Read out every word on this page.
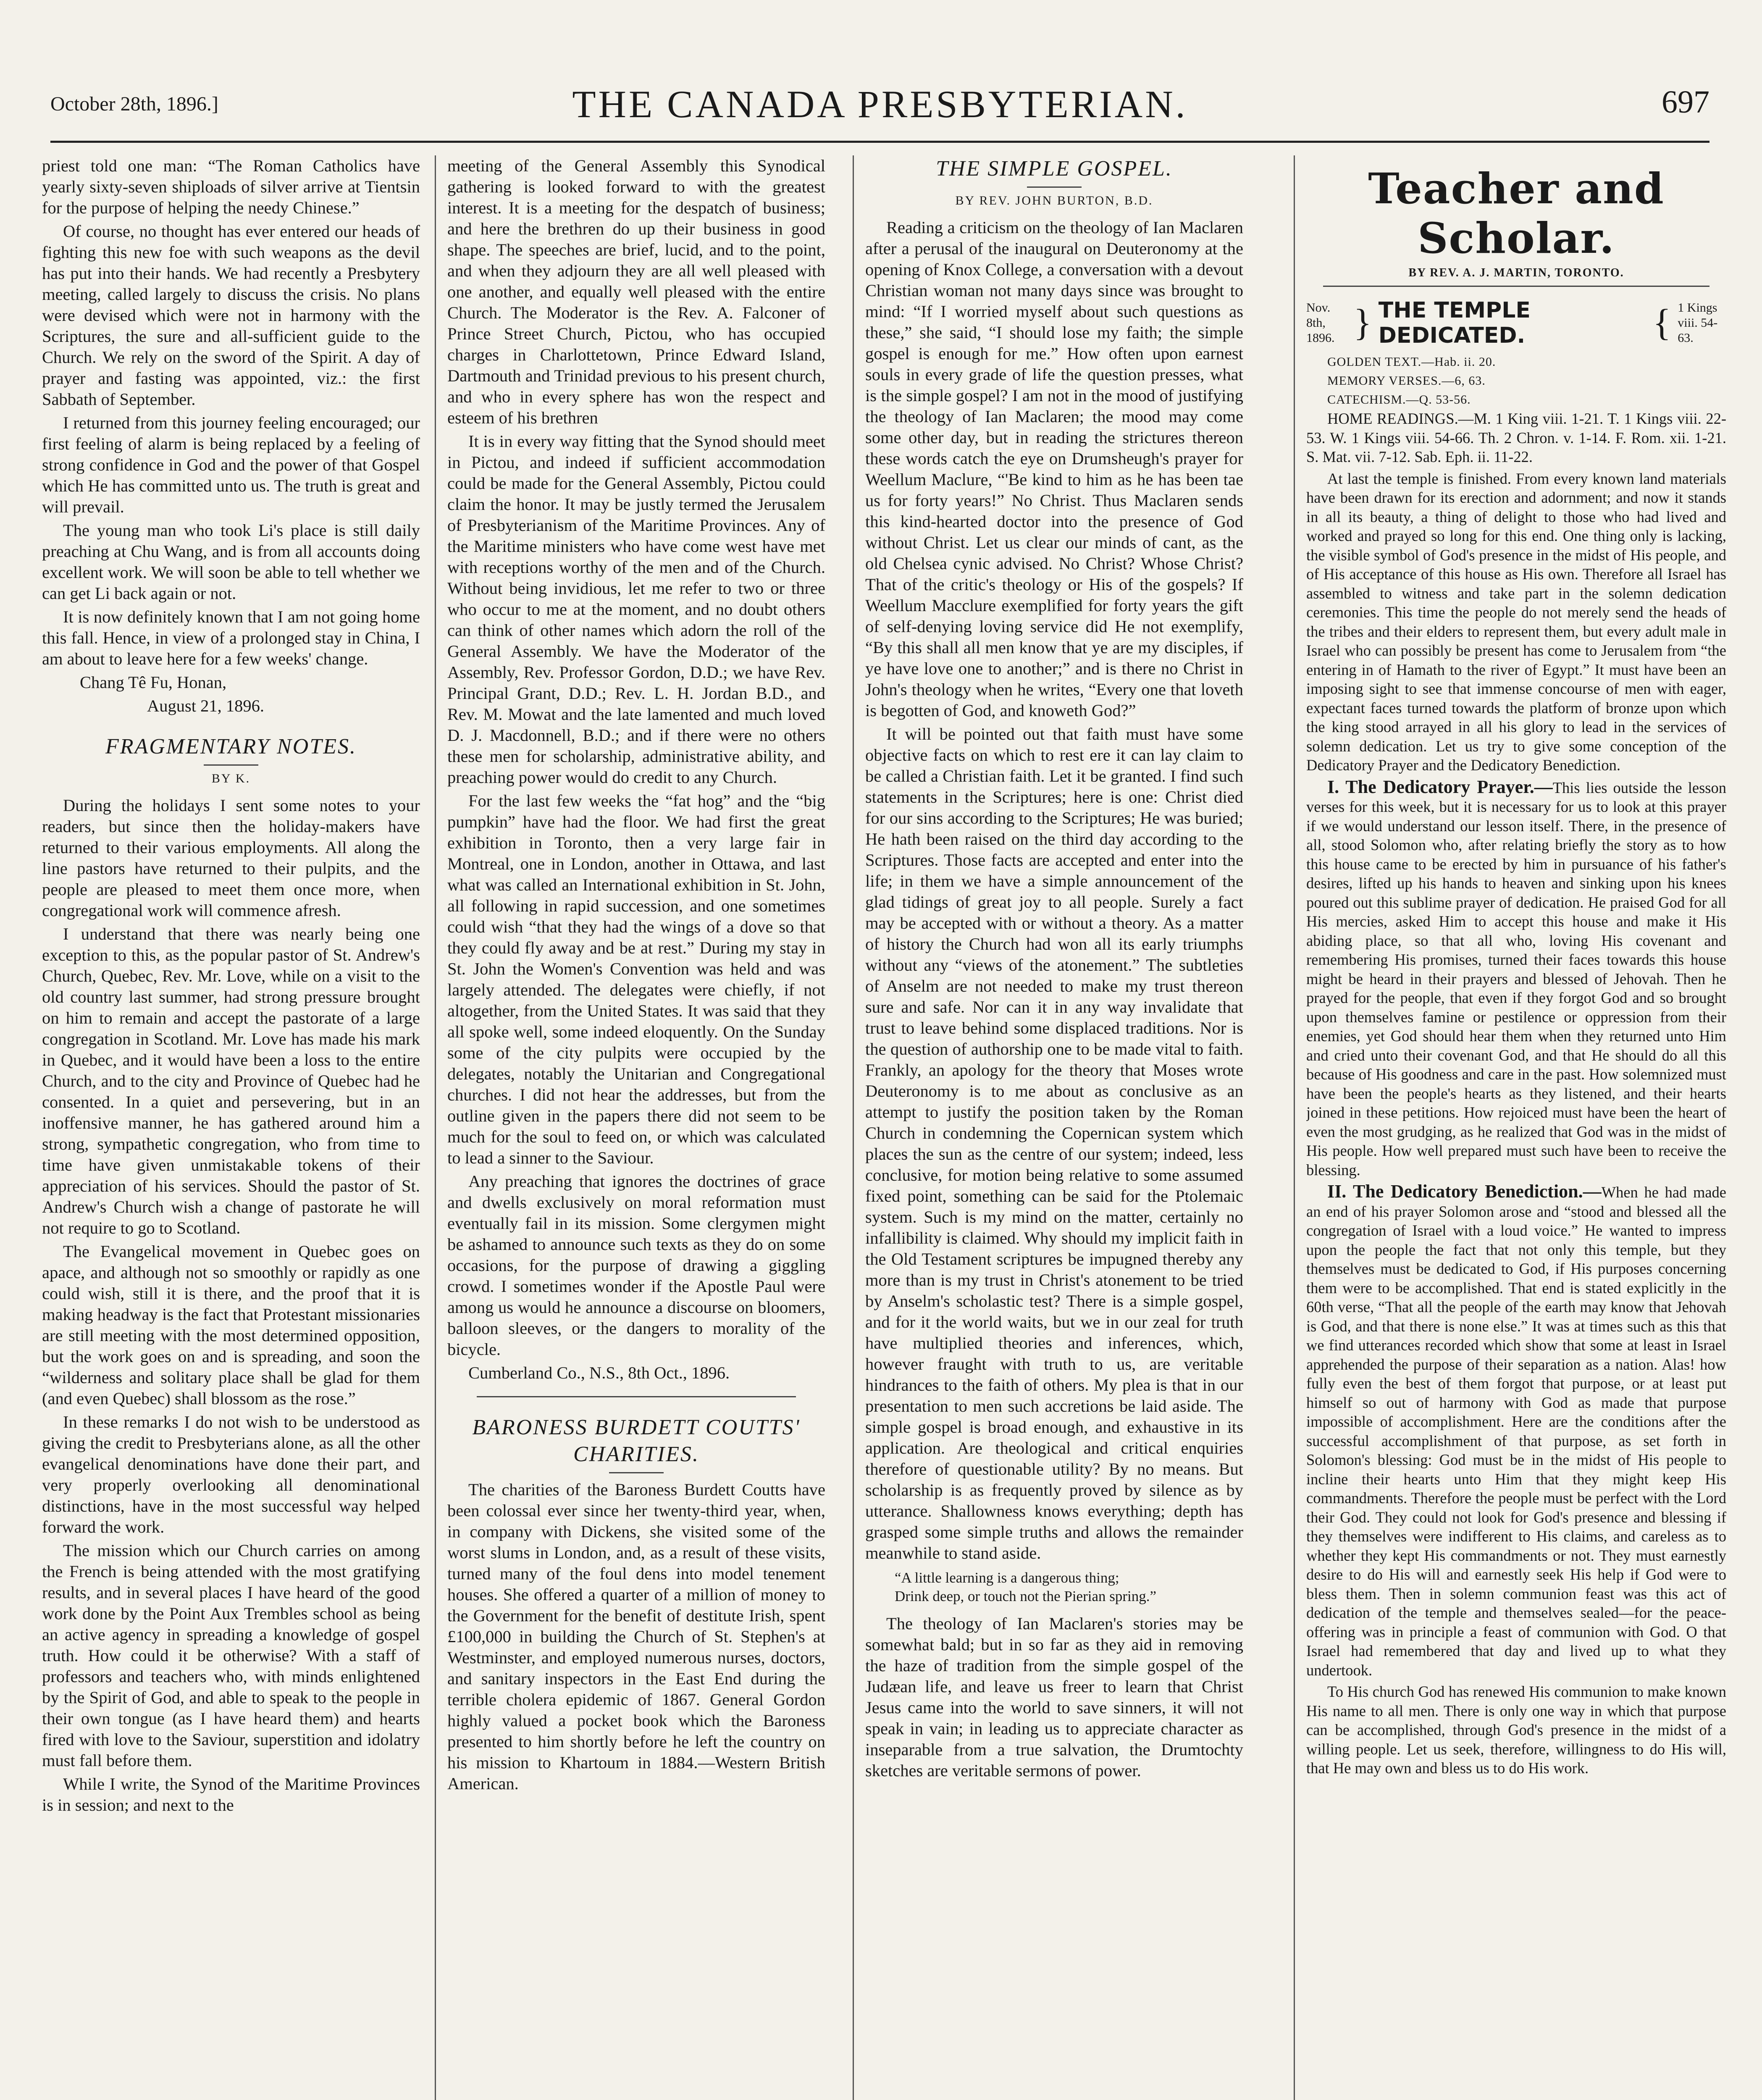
October 28th, 1896.]	THE CANADA PRESBYTERIAN.	697

priest told one man: “The Roman Catholics have yearly sixty-seven shiploads of silver arrive at Tientsin for the purpose of helping the needy Chinese.”

Of course, no thought has ever entered our heads of fighting this new foe with such weapons as the devil has put into their hands. We had recently a Presbytery meeting, called largely to discuss the crisis. No plans were devised which were not in harmony with the Scriptures, the sure and all-sufficient guide to the Church. We rely on the sword of the Spirit. A day of prayer and fasting was appointed, viz.: the first Sabbath of September.

I returned from this journey feeling encouraged; our first feeling of alarm is being replaced by a feeling of strong confidence in God and the power of that Gospel which He has committed unto us. The truth is great and will prevail.

The young man who took Li's place is still daily preaching at Chu Wang, and is from all accounts doing excellent work. We will soon be able to tell whether we can get Li back again or not.

It is now definitely known that I am not going home this fall. Hence, in view of a prolonged stay in China, I am about to leave here for a few weeks' change.

Chang Tê Fu, Honan,

August 21, 1896.

FRAGMENTARY NOTES.
BY K.

During the holidays I sent some notes to your readers, but since then the holiday-makers have returned to their various employments. All along the line pastors have returned to their pulpits, and the people are pleased to meet them once more, when congregational work will commence afresh.

I understand that there was nearly being one exception to this, as the popular pastor of St. Andrew's Church, Quebec, Rev. Mr. Love, while on a visit to the old country last summer, had strong pressure brought on him to remain and accept the pastorate of a large congregation in Scotland. Mr. Love has made his mark in Quebec, and it would have been a loss to the entire Church, and to the city and Province of Quebec had he consented. In a quiet and persevering, but in an inoffensive manner, he has gathered around him a strong, sympathetic congregation, who from time to time have given unmistakable tokens of their appreciation of his services. Should the pastor of St. Andrew's Church wish a change of pastorate he will not require to go to Scotland.

The Evangelical movement in Quebec goes on apace, and although not so smoothly or rapidly as one could wish, still it is there, and the proof that it is making headway is the fact that Protestant missionaries are still meeting with the most determined opposition, but the work goes on and is spreading, and soon the “wilderness and solitary place shall be glad for them (and even Quebec) shall blossom as the rose.”

In these remarks I do not wish to be understood as giving the credit to Presbyterians alone, as all the other evangelical denominations have done their part, and very properly overlooking all denominational distinctions, have in the most successful way helped forward the work.

The mission which our Church carries on among the French is being attended with the most gratifying results, and in several places I have heard of the good work done by the Point Aux Trembles school as being an active agency in spreading a knowledge of gospel truth. How could it be otherwise? With a staff of professors and teachers who, with minds enlightened by the Spirit of God, and able to speak to the people in their own tongue (as I have heard them) and hearts fired with love to the Saviour, superstition and idolatry must fall before them.

While I write, the Synod of the Maritime Provinces is in session; and next to the

meeting of the General Assembly this Synodical gathering is looked forward to with the greatest interest. It is a meeting for the despatch of business; and here the brethren do up their business in good shape. The speeches are brief, lucid, and to the point, and when they adjourn they are all well pleased with one another, and equally well pleased with the entire Church. The Moderator is the Rev. A. Falconer of Prince Street Church, Pictou, who has occupied charges in Charlottetown, Prince Edward Island, Dartmouth and Trinidad previous to his present church, and who in every sphere has won the respect and esteem of his brethren

It is in every way fitting that the Synod should meet in Pictou, and indeed if sufficient accommodation could be made for the General Assembly, Pictou could claim the honor. It may be justly termed the Jerusalem of Presbyterianism of the Maritime Provinces. Any of the Maritime ministers who have come west have met with receptions worthy of the men and of the Church. Without being invidious, let me refer to two or three who occur to me at the moment, and no doubt others can think of other names which adorn the roll of the General Assembly. We have the Moderator of the Assembly, Rev. Professor Gordon, D.D.; we have Rev. Principal Grant, D.D.; Rev. L. H. Jordan B.D., and Rev. M. Mowat and the late lamented and much loved D. J. Macdonnell, B.D.; and if there were no others these men for scholarship, administrative ability, and preaching power would do credit to any Church.

For the last few weeks the “fat hog” and the “big pumpkin” have had the floor. We had first the great exhibition in Toronto, then a very large fair in Montreal, one in London, another in Ottawa, and last what was called an International exhibition in St. John, all following in rapid succession, and one sometimes could wish “that they had the wings of a dove so that they could fly away and be at rest.” During my stay in St. John the Women's Convention was held and was largely attended. The delegates were chiefly, if not altogether, from the United States. It was said that they all spoke well, some indeed eloquently. On the Sunday some of the city pulpits were occupied by the delegates, notably the Unitarian and Congregational churches. I did not hear the addresses, but from the outline given in the papers there did not seem to be much for the soul to feed on, or which was calculated to lead a sinner to the Saviour.

Any preaching that ignores the doctrines of grace and dwells exclusively on moral reformation must eventually fail in its mission. Some clergymen might be ashamed to announce such texts as they do on some occasions, for the purpose of drawing a giggling crowd. I sometimes wonder if the Apostle Paul were among us would he announce a discourse on bloomers, balloon sleeves, or the dangers to morality of the bicycle.

Cumberland Co., N.S., 8th Oct., 1896.

BARONESS BURDETT COUTTS' CHARITIES.

The charities of the Baroness Burdett Coutts have been colossal ever since her twenty-third year, when, in company with Dickens, she visited some of the worst slums in London, and, as a result of these visits, turned many of the foul dens into model tenement houses. She offered a quarter of a million of money to the Government for the benefit of destitute Irish, spent £100,000 in building the Church of St. Stephen's at Westminster, and employed numerous nurses, doctors, and sanitary inspectors in the East End during the terrible cholera epidemic of 1867. General Gordon highly valued a pocket book which the Baroness presented to him shortly before he left the country on his mission to Khartoum in 1884.—Western British American.

THE SIMPLE GOSPEL.
BY REV. JOHN BURTON, B.D.

Reading a criticism on the theology of Ian Maclaren after a perusal of the inaugural on Deuteronomy at the opening of Knox College, a conversation with a devout Christian woman not many days since was brought to mind: “If I worried myself about such questions as these,” she said, “I should lose my faith; the simple gospel is enough for me.” How often upon earnest souls in every grade of life the question presses, what is the simple gospel? I am not in the mood of justifying the theology of Ian Maclaren; the mood may come some other day, but in reading the strictures thereon these words catch the eye on Drumsheugh's prayer for Weellum Maclure, “'Be kind to him as he has been tae us for forty years!” No Christ. Thus Maclaren sends this kind-hearted doctor into the presence of God without Christ. Let us clear our minds of cant, as the old Chelsea cynic advised. No Christ? Whose Christ? That of the critic's theology or His of the gospels? If Weellum Macclure exemplified for forty years the gift of self-denying loving service did He not exemplify, “By this shall all men know that ye are my disciples, if ye have love one to another;” and is there no Christ in John's theology when he writes, “Every one that loveth is begotten of God, and knoweth God?”

It will be pointed out that faith must have some objective facts on which to rest ere it can lay claim to be called a Christian faith. Let it be granted. I find such statements in the Scriptures; here is one: Christ died for our sins according to the Scriptures; He was buried; He hath been raised on the third day according to the Scriptures. Those facts are accepted and enter into the life; in them we have a simple announcement of the glad tidings of great joy to all people. Surely a fact may be accepted with or without a theory. As a matter of history the Church had won all its early triumphs without any “views of the atonement.” The subtleties of Anselm are not needed to make my trust thereon sure and safe. Nor can it in any way invalidate that trust to leave behind some displaced traditions. Nor is the question of authorship one to be made vital to faith. Frankly, an apology for the theory that Moses wrote Deuteronomy is to me about as conclusive as an attempt to justify the position taken by the Roman Church in condemning the Copernican system which places the sun as the centre of our system; indeed, less conclusive, for motion being relative to some assumed fixed point, something can be said for the Ptolemaic system. Such is my mind on the matter, certainly no infallibility is claimed. Why should my implicit faith in the Old Testament scriptures be impugned thereby any more than is my trust in Christ's atonement to be tried by Anselm's scholastic test? There is a simple gospel, and for it the world waits, but we in our zeal for truth have multiplied theories and inferences, which, however fraught with truth to us, are veritable hindrances to the faith of others. My plea is that in our presentation to men such accretions be laid aside. The simple gospel is broad enough, and exhaustive in its application. Are theological and critical enquiries therefore of questionable utility? By no means. But scholarship is as frequently proved by silence as by utterance. Shallowness knows everything; depth has grasped some simple truths and allows the remainder meanwhile to stand aside.

“A little learning is a dangerous thing;
Drink deep, or touch not the Pierian spring.”

The theology of Ian Maclaren's stories may be somewhat bald; but in so far as they aid in removing the haze of tradition from the simple gospel of the Judæan life, and leave us freer to learn that Christ Jesus came into the world to save sinners, it will not speak in vain; in leading us to appreciate character as inseparable from a true salvation, the Drumtochty sketches are veritable sermons of power.

Teacher and Scholar.
BY REV. A. J. MARTIN, TORONTO.
Nov. 8th,
1896. } THE TEMPLE DEDICATED.	{ 1 Kings
viii. 54-63.
GOLDEN TEXT.—Hab. ii. 20.
MEMORY VERSES.—6, 63.
CATECHISM.—Q. 53-56.

HOME READINGS.—M. 1 King viii. 1-21. T. 1 Kings viii. 22-53. W. 1 Kings viii. 54-66. Th. 2 Chron. v. 1-14. F. Rom. xii. 1-21. S. Mat. vii. 7-12. Sab. Eph. ii. 11-22.

At last the temple is finished. From every known land materials have been drawn for its erection and adornment; and now it stands in all its beauty, a thing of delight to those who had lived and worked and prayed so long for this end. One thing only is lacking, the visible symbol of God's presence in the midst of His people, and of His acceptance of this house as His own. Therefore all Israel has assembled to witness and take part in the solemn dedication ceremonies. This time the people do not merely send the heads of the tribes and their elders to represent them, but every adult male in Israel who can possibly be present has come to Jerusalem from “the entering in of Hamath to the river of Egypt.” It must have been an imposing sight to see that immense concourse of men with eager, expectant faces turned towards the platform of bronze upon which the king stood arrayed in all his glory to lead in the services of solemn dedication. Let us try to give some conception of the Dedicatory Prayer and the Dedicatory Benediction.

I. The Dedicatory Prayer.—This lies outside the lesson verses for this week, but it is necessary for us to look at this prayer if we would understand our lesson itself. There, in the presence of all, stood Solomon who, after relating briefly the story as to how this house came to be erected by him in pursuance of his father's desires, lifted up his hands to heaven and sinking upon his knees poured out this sublime prayer of dedication. He praised God for all His mercies, asked Him to accept this house and make it His abiding place, so that all who, loving His covenant and remembering His promises, turned their faces towards this house might be heard in their prayers and blessed of Jehovah. Then he prayed for the people, that even if they forgot God and so brought upon themselves famine or pestilence or oppression from their enemies, yet God should hear them when they returned unto Him and cried unto their covenant God, and that He should do all this because of His goodness and care in the past. How solemnized must have been the people's hearts as they listened, and their hearts joined in these petitions. How rejoiced must have been the heart of even the most grudging, as he realized that God was in the midst of His people. How well prepared must such have been to receive the blessing.

II. The Dedicatory Benediction.—When he had made an end of his prayer Solomon arose and “stood and blessed all the congregation of Israel with a loud voice.” He wanted to impress upon the people the fact that not only this temple, but they themselves must be dedicated to God, if His purposes concerning them were to be accomplished. That end is stated explicitly in the 60th verse, “That all the people of the earth may know that Jehovah is God, and that there is none else.” It was at times such as this that we find utterances recorded which show that some at least in Israel apprehended the purpose of their separation as a nation. Alas! how fully even the best of them forgot that purpose, or at least put himself so out of harmony with God as made that purpose impossible of accomplishment. Here are the conditions after the successful accomplishment of that purpose, as set forth in Solomon's blessing: God must be in the midst of His people to incline their hearts unto Him that they might keep His commandments. Therefore the people must be perfect with the Lord their God. They could not look for God's presence and blessing if they themselves were indifferent to His claims, and careless as to whether they kept His commandments or not. They must earnestly desire to do His will and earnestly seek His help if God were to bless them. Then in solemn communion feast was this act of dedication of the temple and themselves sealed—for the peace-offering was in principle a feast of communion with God. O that Israel had remembered that day and lived up to what they undertook.

To His church God has renewed His communion to make known His name to all men. There is only one way in which that purpose can be accomplished, through God's presence in the midst of a willing people. Let us seek, therefore, willingness to do His will, that He may own and bless us to do His work.
